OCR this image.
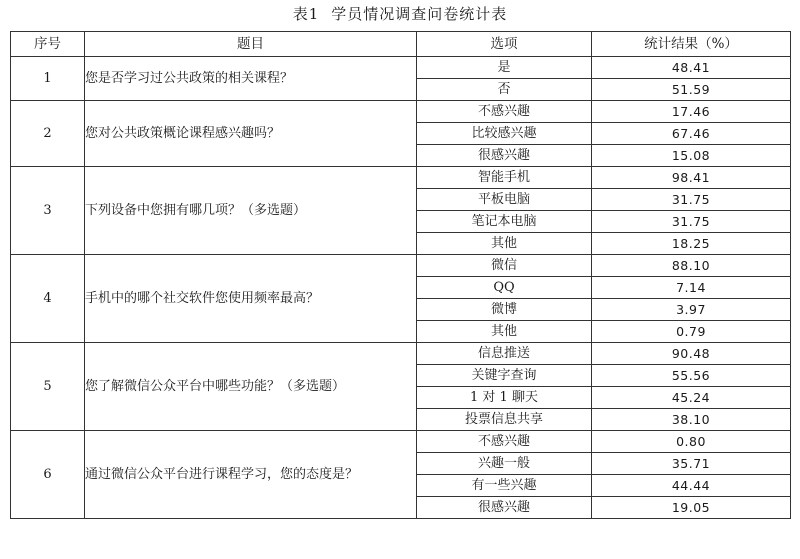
表1 学员情况调查问卷统计表
序号	题目	选项	统计结果（%）
1	您是否学习过公共政策的相关课程？	是	48.41
		否	51.59
2	您对公共政策概论课程感兴趣吗？	不感兴趣	17.46
		比较感兴趣	67.46
		很感兴趣	15.08
3	下列设备中您拥有哪几项？（多选题）	智能手机	98.41
		平板电脑	31.75
		笔记本电脑	31.75
		其他	18.25
4	手机中的哪个社交软件您使用频率最高？	微信	88.10
		QQ	7.14
		微博	3.97
		其他	0.79
5	您了解微信公众平台中哪些功能？（多选题）	信息推送	90.48
		关键字查询	55.56
		1 对 1 聊天	45.24
		投票信息共享	38.10
6	通过微信公众平台进行课程学习，您的态度是？	不感兴趣	0.80
		兴趣一般	35.71
		有一些兴趣	44.44
		很感兴趣	19.05
